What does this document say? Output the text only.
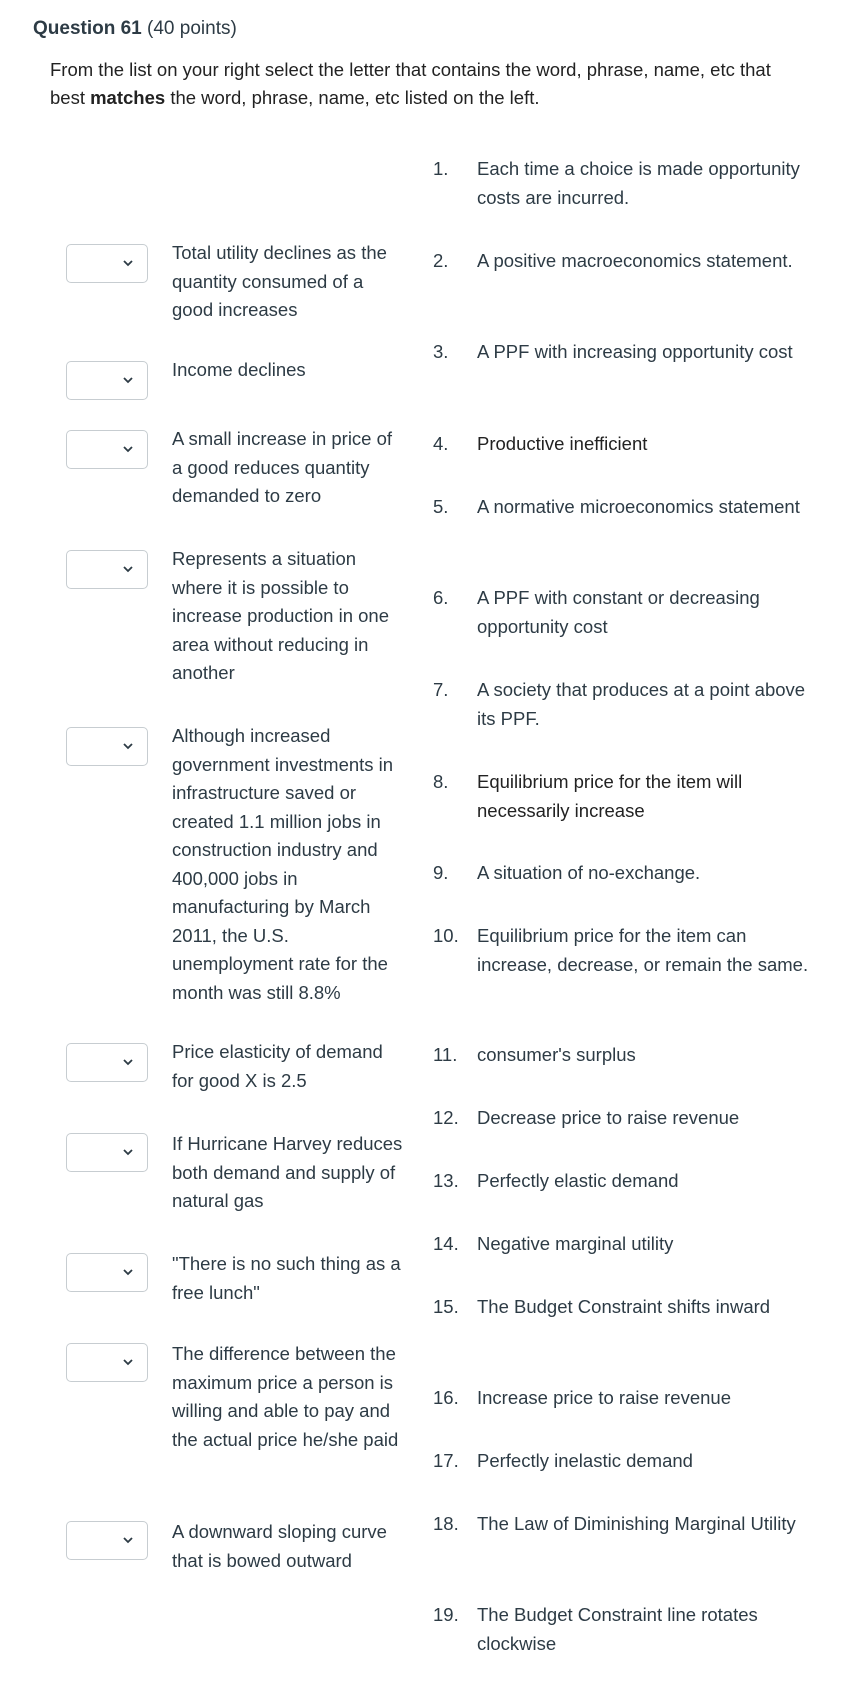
Question 61 (40 points)
From the list on your right select the letter that contains the word, phrase, name, etc that best matches the word, phrase, name, etc listed on the left.
Total utility declines as the quantity consumed of a good increases
Income declines
A small increase in price of a good reduces quantity demanded to zero
Represents a situation where it is possible to increase production in one area without reducing in another
Although increased government investments in infrastructure saved or created 1.1 million jobs in construction industry and 400,000 jobs in manufacturing by March 2011, the U.S. unemployment rate for the month was still 8.8%
Price elasticity of demand for good X is 2.5
If Hurricane Harvey reduces both demand and supply of natural gas
"There is no such thing as a free lunch"
The difference between the maximum price a person is willing and able to pay and the actual price he/she paid
A downward sloping curve that is bowed outward
1.	Each time a choice is made opportunity costs are incurred.
2.	A positive macroeconomics statement.
3.	A PPF with increasing opportunity cost
4.	Productive inefficient
5.	A normative microeconomics statement
6.	A PPF with constant or decreasing opportunity cost
7.	A society that produces at a point above its PPF.
8.	Equilibrium price for the item will necessarily increase
9.	A situation of no-exchange.
10. Equilibrium price for the item can increase, decrease, or remain the same.
11.	consumer's surplus
12. Decrease price to raise revenue
13. Perfectly elastic demand
14. Negative marginal utility
15. The Budget Constraint shifts inward
16. Increase price to raise revenue
17. Perfectly inelastic demand
18. The Law of Diminishing Marginal Utility
19. The Budget Constraint line rotates clockwise
